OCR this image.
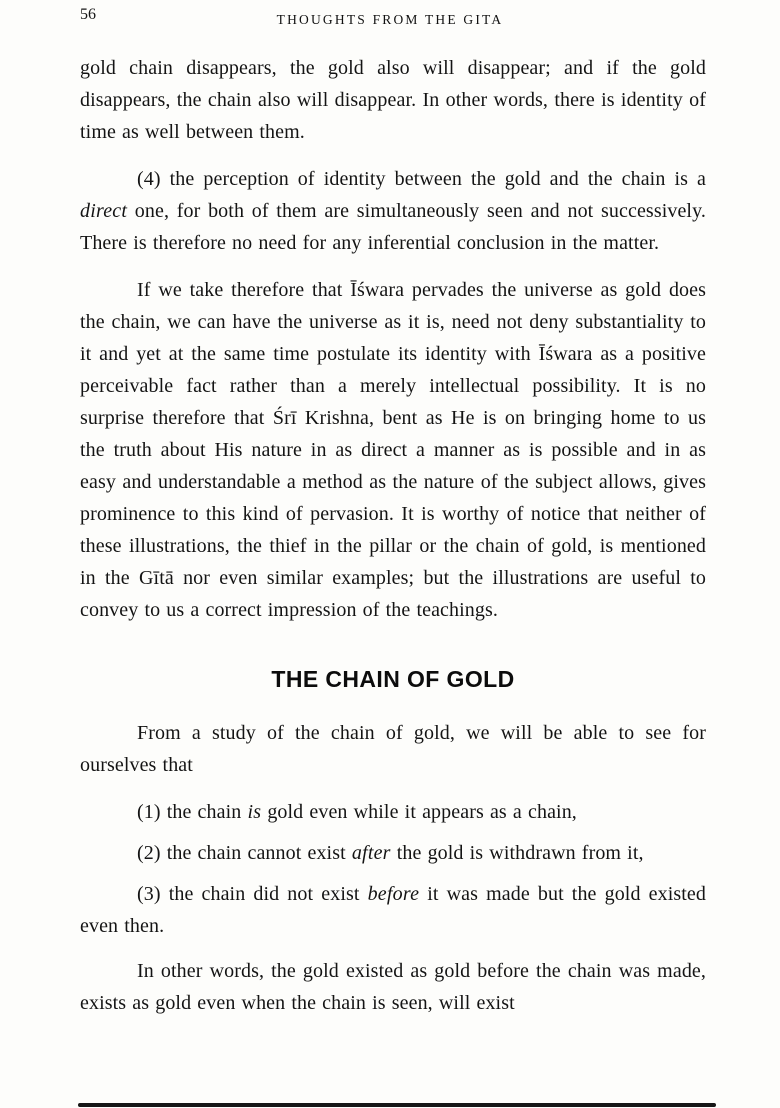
56	THOUGHTS FROM THE GITA

gold chain disappears, the gold also will disappear; and if the gold disappears, the chain also will disappear. In other words, there is identity of time as well between them.

(4) the perception of identity between the gold and the chain is a direct one, for both of them are simultaneously seen and not successively. There is therefore no need for any inferential conclusion in the matter.

If we take therefore that Īśwara pervades the universe as gold does the chain, we can have the universe as it is, need not deny substantiality to it and yet at the same time postulate its identity with Īśwara as a positive perceivable fact rather than a merely intellectual possibility. It is no surprise therefore that Śrī Krishna, bent as He is on bringing home to us the truth about His nature in as direct a manner as is possible and in as easy and understandable a method as the nature of the subject allows, gives prominence to this kind of pervasion. It is worthy of notice that neither of these illustrations, the thief in the pillar or the chain of gold, is mentioned in the Gītā nor even similar examples; but the illustrations are useful to convey to us a correct impression of the teachings.

THE CHAIN OF GOLD

From a study of the chain of gold, we will be able to see for ourselves that

(1) the chain is gold even while it appears as a chain,

(2) the chain cannot exist after the gold is withdrawn from it,

(3) the chain did not exist before it was made but the gold existed even then.

In other words, the gold existed as gold before the chain was made, exists as gold even when the chain is seen, will exist
